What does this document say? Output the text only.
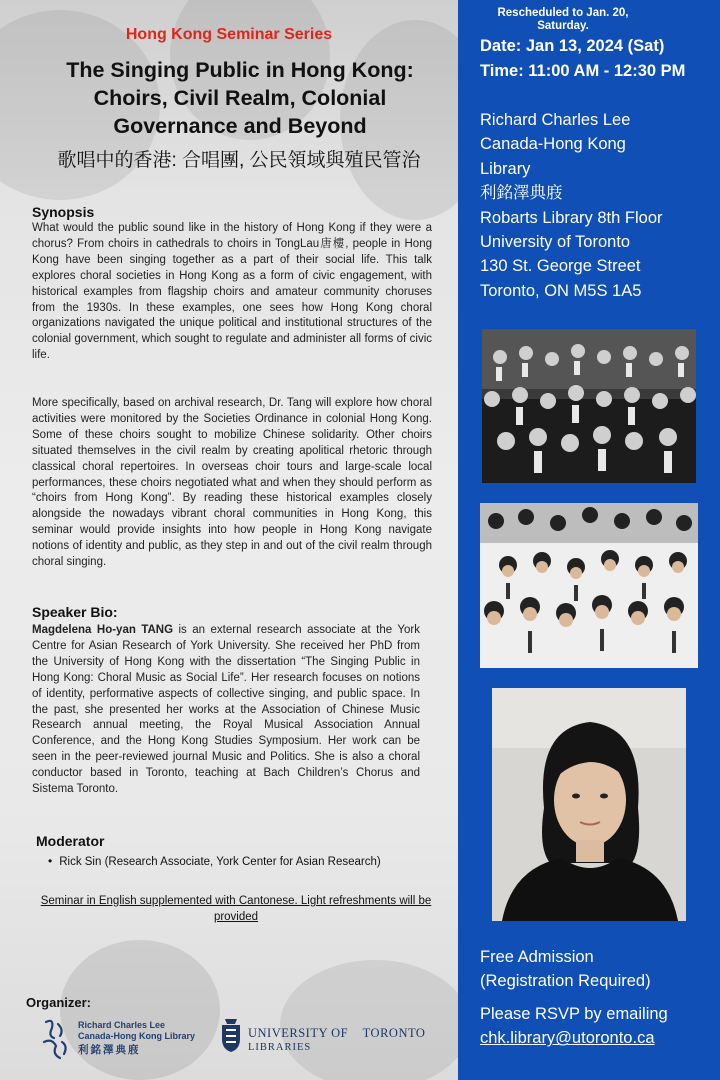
Hong Kong Seminar Series
The Singing Public in Hong Kong: Choirs, Civil Realm, Colonial Governance and Beyond
歌唱中的香港: 合唱團, 公民領域與殖民管治
Synopsis

What would the public sound like in the history of Hong Kong if they were a chorus? From choirs in cathedrals to choirs in TongLau唐樓, people in Hong Kong have been singing together as a part of their social life. This talk explores choral societies in Hong Kong as a form of civic engagement, with historical examples from flagship choirs and amateur community choruses from the 1930s. In these examples, one sees how Hong Kong choral organizations navigated the unique political and institutional structures of the colonial government, which sought to regulate and administer all forms of civic life.

More specifically, based on archival research, Dr. Tang will explore how choral activities were monitored by the Societies Ordinance in colonial Hong Kong. Some of these choirs sought to mobilize Chinese solidarity. Other choirs situated themselves in the civil realm by creating apolitical rhetoric through classical choral repertoires. In overseas choir tours and large-scale local performances, these choirs negotiated what and when they should perform as “choirs from Hong Kong”. By reading these historical examples closely alongside the nowadays vibrant choral communities in Hong Kong, this seminar would provide insights into how people in Hong Kong navigate notions of identity and public, as they step in and out of the civil realm through choral singing.

Speaker Bio:

Magdelena Ho-yan TANG is an external research associate at the York Centre for Asian Research of York University. She received her PhD from the University of Hong Kong with the dissertation “The Singing Public in Hong Kong: Choral Music as Social Life”. Her research focuses on notions of identity, performative aspects of collective singing, and public space. In the past, she presented her works at the Association of Chinese Music Research annual meeting, the Royal Musical Association Annual Conference, and the Hong Kong Studies Symposium. Her work can be seen in the peer-reviewed journal Music and Politics. She is also a choral conductor based in Toronto, teaching at Bach Children’s Chorus and Sistema Toronto.

Moderator
• Rick Sin (Research Associate, York Center for Asian Research)
Seminar in English supplemented with Cantonese. Light refreshments will be provided
Organizer:
Richard Charles Lee
Canada-Hong Kong Library
利銘澤典庪
UNIVERSITY OF TORONTO
LIBRARIES
Rescheduled to Jan. 20, Saturday.
Date: Jan 13, 2024 (Sat)
Time: 11:00 AM - 12:30 PM
Richard Charles Lee
Canada-Hong Kong
Library
利銘澤典庪
Robarts Library 8th Floor
University of Toronto
130 St. George Street
Toronto, ON M5S 1A5
Free Admission
(Registration Required)
Please RSVP by emailing
chk.library@utoronto.ca
